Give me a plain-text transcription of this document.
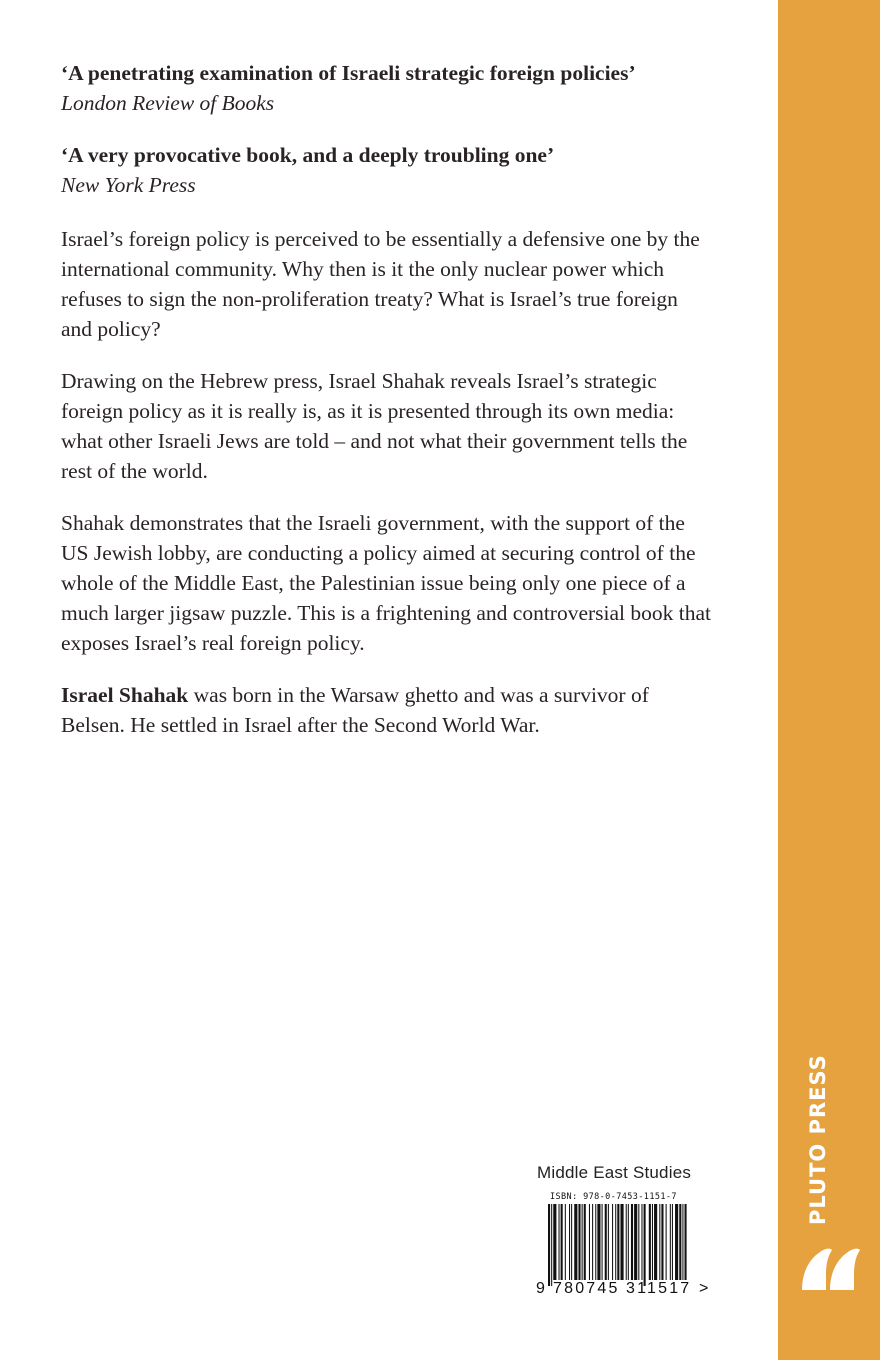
‘A penetrating examination of Israeli strategic foreign policies’

London Review of Books

‘A very provocative book, and a deeply troubling one’

New York Press

Israel’s foreign policy is perceived to be essentially a defensive one by the international community. Why then is it the only nuclear power which refuses to sign the non-proliferation treaty? What is Israel’s true foreign and policy?

Drawing on the Hebrew press, Israel Shahak reveals Israel’s strategic foreign policy as it is really is, as it is presented through its own media: what other Israeli Jews are told – and not what their government tells the rest of the world.

Shahak demonstrates that the Israeli government, with the support of the US Jewish lobby, are conducting a policy aimed at securing control of the whole of the Middle East, the Palestinian issue being only one piece of a much larger jigsaw puzzle. This is a frightening and controversial book that exposes Israel’s real foreign policy.

Israel Shahak was born in the Warsaw ghetto and was a survivor of Belsen. He settled in Israel after the Second World War.

Middle East Studies
ISBN: 978-0-7453-1151-7
9 780745 311517 >
PLUTO PRESS
